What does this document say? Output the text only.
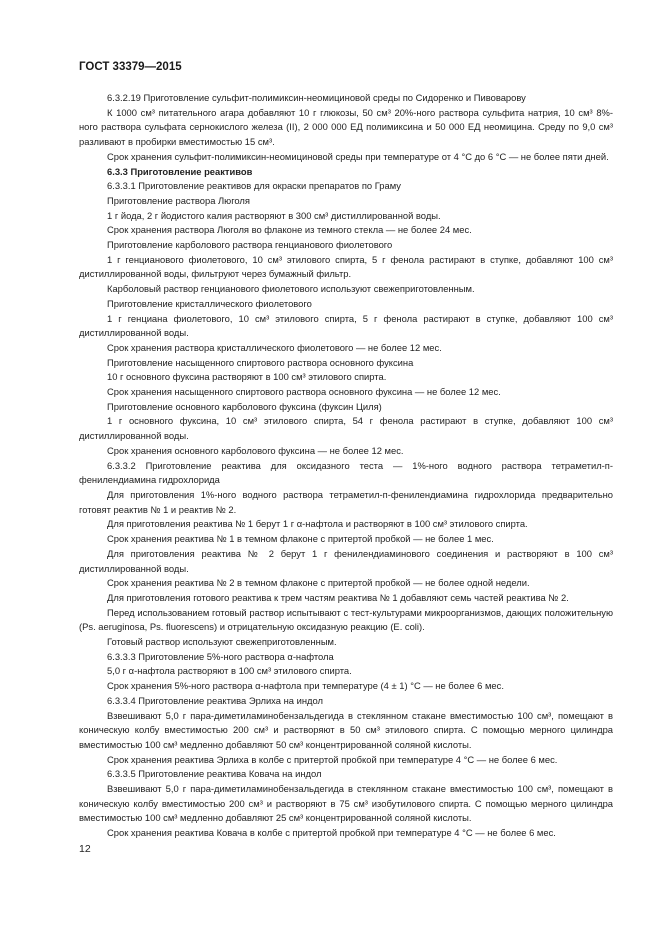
ГОСТ 33379—2015

6.3.2.19 Приготовление сульфит-полимиксин-неомициновой среды по Сидоренко и Пивоварову

К 1000 см³ питательного агара добавляют 10 г глюкозы, 50 см³ 20%-ного раствора сульфита натрия, 10 см³ 8%-ного раствора сульфата сернокислого железа (II), 2 000 000 ЕД полимиксина и 50 000 ЕД неомицина. Среду по 9,0 см³ разливают в пробирки вместимостью 15 см³.

Срок хранения сульфит-полимиксин-неомициновой среды при температуре от 4 °С до 6 °С — не более пяти дней.

6.3.3 Приготовление реактивов

6.3.3.1 Приготовление реактивов для окраски препаратов по Граму

Приготовление раствора Люголя

1 г йода, 2 г йодистого калия растворяют в 300 см³ дистиллированной воды.

Срок хранения раствора Люголя во флаконе из темного стекла — не более 24 мес.

Приготовление карболового раствора генцианового фиолетового

1 г генцианового фиолетового, 10 см³ этилового спирта, 5 г фенола растирают в ступке, добавляют 100 см³ дистиллированной воды, фильтруют через бумажный фильтр.

Карболовый раствор генцианового фиолетового используют свежеприготовленным.

Приготовление кристаллического фиолетового

1 г генциана фиолетового, 10 см³ этилового спирта, 5 г фенола растирают в ступке, добавляют 100 см³ дистиллированной воды.

Срок хранения раствора кристаллического фиолетового — не более 12 мес.

Приготовление насыщенного спиртового раствора основного фуксина

10 г основного фуксина растворяют в 100 см³ этилового спирта.

Срок хранения насыщенного спиртового раствора основного фуксина — не более 12 мес.

Приготовление основного карболового фуксина (фуксин Циля)

1 г основного фуксина, 10 см³ этилового спирта, 54 г фенола растирают в ступке, добавляют 100 см³ дистиллированной воды.

Срок хранения основного карболового фуксина — не более 12 мес.

6.3.3.2 Приготовление реактива для оксидазного теста — 1%-ного водного раствора тетраметил-п-фенилендиамина гидрохлорида

Для приготовления 1%-ного водного раствора тетраметил-п-фенилендиамина гидрохлорида предварительно готовят реактив № 1 и реактив № 2.

Для приготовления реактива № 1 берут 1 г α-нафтола и растворяют в 100 см³ этилового спирта.

Срок хранения реактива № 1 в темном флаконе с притертой пробкой — не более 1 мес.

Для приготовления реактива № 2 берут 1 г фенилендиаминового соединения и растворяют в 100 см³ дистиллированной воды.

Срок хранения реактива № 2 в темном флаконе с притертой пробкой — не более одной недели.

Для приготовления готового реактива к трем частям реактива № 1 добавляют семь частей реактива № 2.

Перед использованием готовый раствор испытывают с тест-культурами микроорганизмов, дающих положительную (Ps. aeruginosa, Ps. fluorescens) и отрицательную оксидазную реакцию (E. coli).

Готовый раствор используют свежеприготовленным.

6.3.3.3 Приготовление 5%-ного раствора α-нафтола

5,0 г α-нафтола растворяют в 100 см³ этилового спирта.

Срок хранения 5%-ного раствора α-нафтола при температуре (4 ± 1) °С — не более 6 мес.

6.3.3.4 Приготовление реактива Эрлиха на индол

Взвешивают 5,0 г пара-диметиламинобензальдегида в стеклянном стакане вместимостью 100 см³, помещают в коническую колбу вместимостью 200 см³ и растворяют в 50 см³ этилового спирта. С помощью мерного цилиндра вместимостью 100 см³ медленно добавляют 50 см³ концентрированной соляной кислоты.

Срок хранения реактива Эрлиха в колбе с притертой пробкой при температуре 4 °С — не более 6 мес.

6.3.3.5 Приготовление реактива Ковача на индол

Взвешивают 5,0 г пара-диметиламинобензальдегида в стеклянном стакане вместимостью 100 см³, помещают в коническую колбу вместимостью 200 см³ и растворяют в 75 см³ изобутилового спирта. С помощью мерного цилиндра вместимостью 100 см³ медленно добавляют 25 см³ концентрированной соляной кислоты.

Срок хранения реактива Ковача в колбе с притертой пробкой при температуре 4 °С — не более 6 мес.

12
